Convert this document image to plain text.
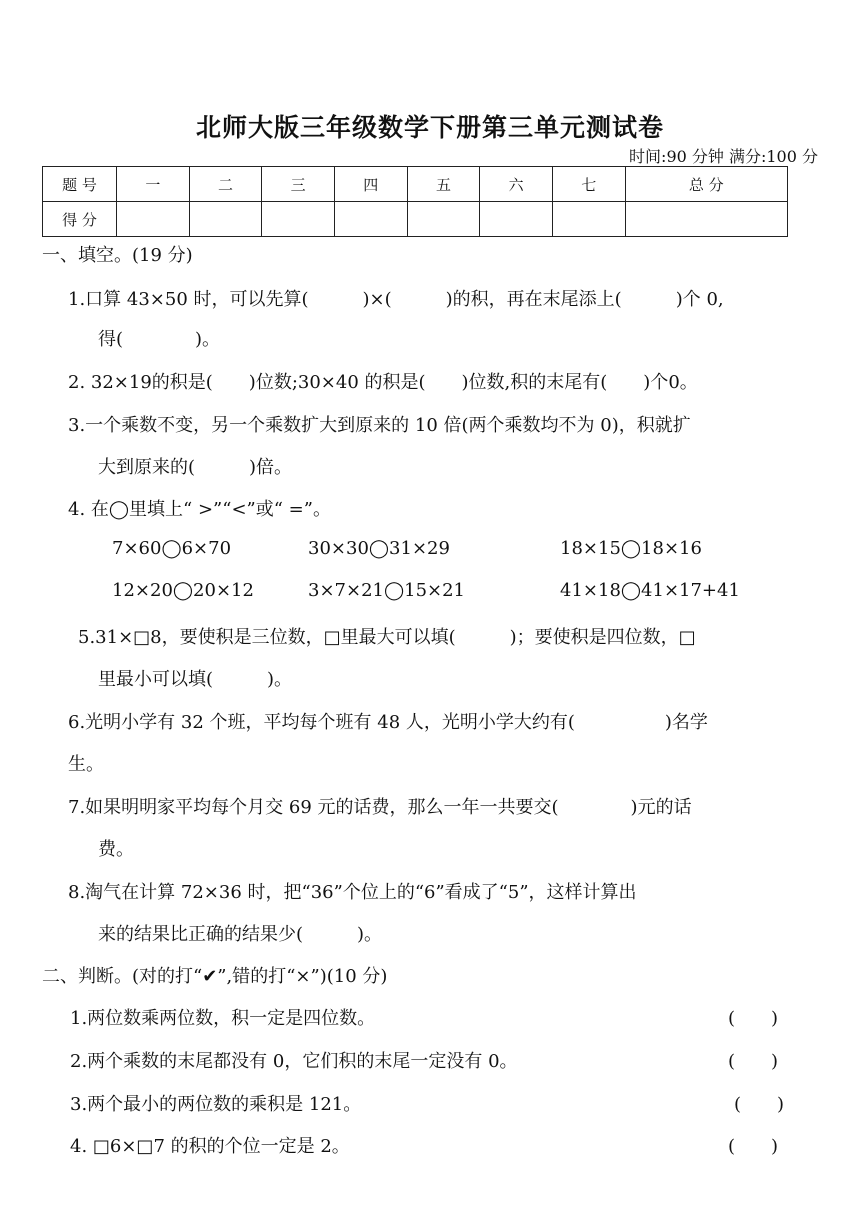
北师大版三年级数学下册第三单元测试卷
时间:90 分钟 满分:100 分
题 号	一	二	三	四	五	六	七	总 分
得 分								
一、填空。(19 分)
1.口算 43×50 时，可以先算(　　　)×(　　　)的积，再在末尾添上(　　　)个 0,
得(　　　　)。
2. 32×19的积是(　　)位数;30×40 的积是(　　)位数,积的末尾有(　　)个0。
3.一个乘数不变，另一个乘数扩大到原来的 10 倍(两个乘数均不为 0)，积就扩
大到原来的(　　　)倍。
4. 在◯里填上“ >”“<”或“ =”。
7×60◯6×70	30×30◯31×29	18×15◯18×16
12×20◯20×12	3×7×21◯15×21	41×18◯41×17+41
5.31×□8，要使积是三位数，□里最大可以填(　　　)；要使积是四位数，□
里最小可以填(　　　)。
6.光明小学有 32 个班，平均每个班有 48 人，光明小学大约有(　　　　　)名学
生。
7.如果明明家平均每个月交 69 元的话费，那么一年一共要交(　　　　)元的话
费。
8.淘气在计算 72×36 时，把“36”个位上的“6”看成了“5”，这样计算出
来的结果比正确的结果少(　　　)。
二、判断。(对的打“✔”,错的打“×”)(10 分)
1.两位数乘两位数，积一定是四位数。	(　　)
2.两个乘数的末尾都没有 0，它们积的末尾一定没有 0。	(　　)
3.两个最小的两位数的乘积是 121。	(　　)
4. □6×□7 的积的个位一定是 2。	(　　)
